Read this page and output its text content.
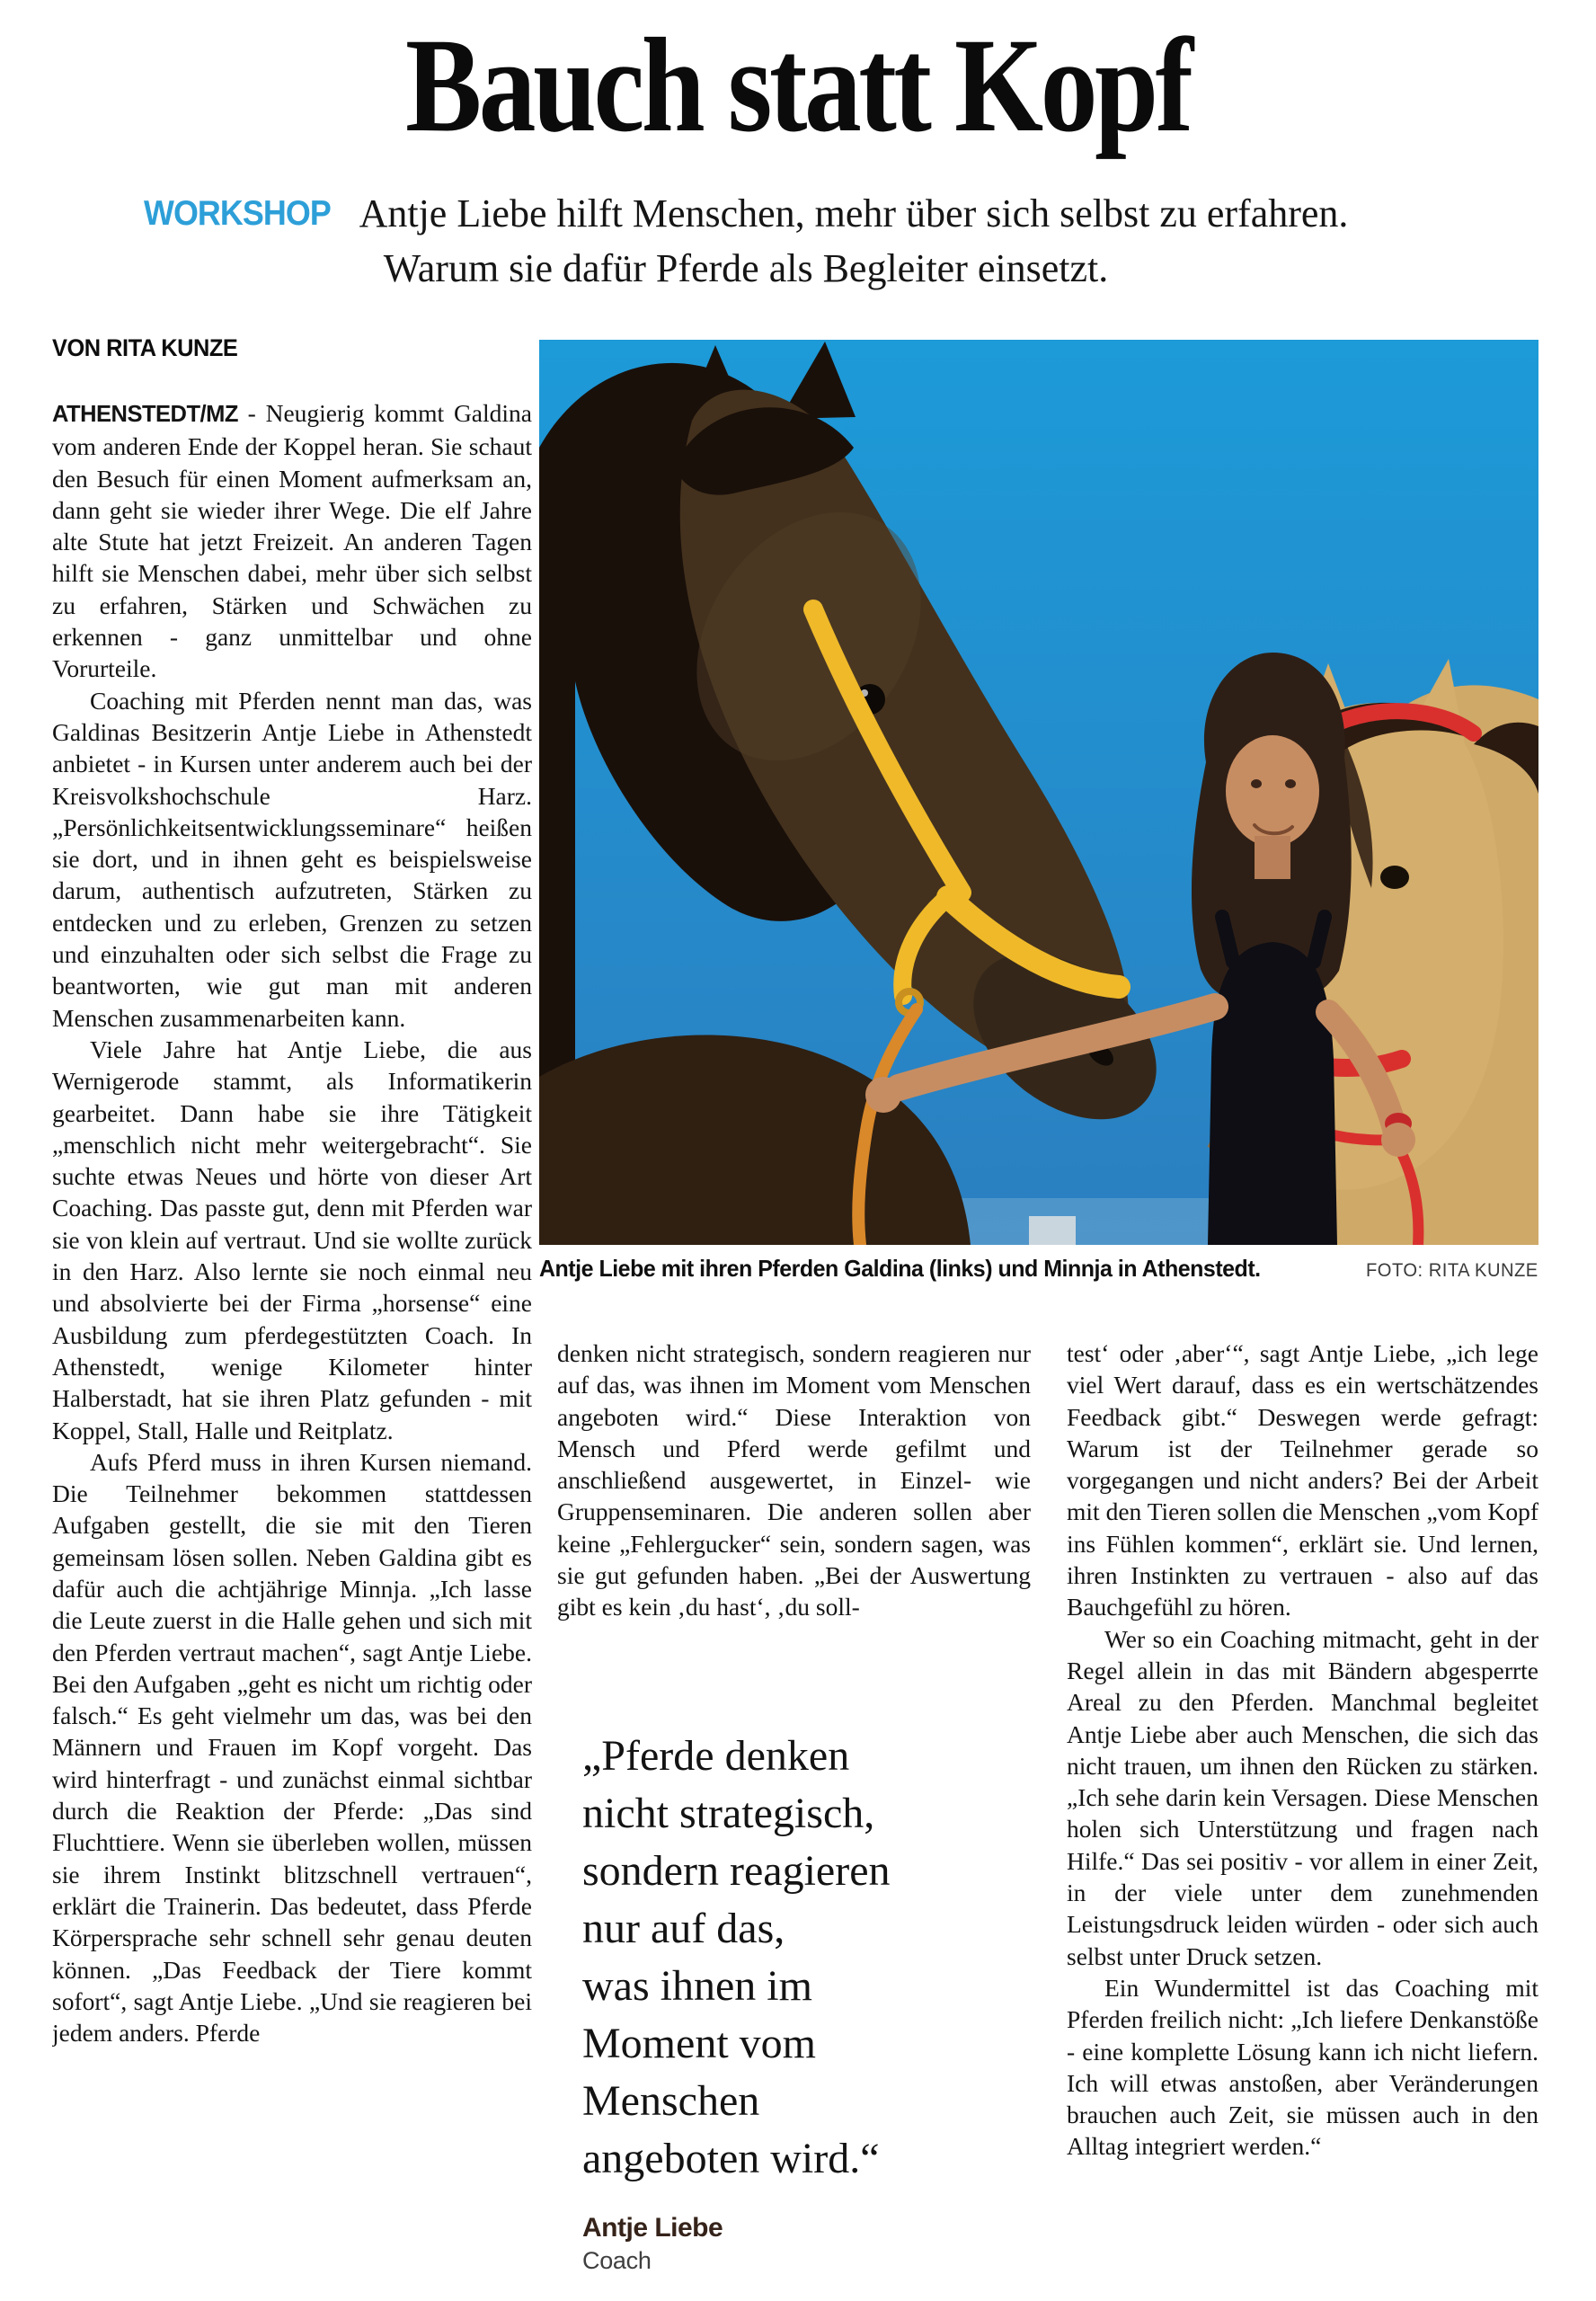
Bauch statt Kopf
WORKSHOP Antje Liebe hilft Menschen, mehr über sich selbst zu erfahren. Warum sie dafür Pferde als Begleiter einsetzt.
VON RITA KUNZE

ATHENSTEDT/MZ - Neugierig kommt Galdina vom anderen Ende der Koppel heran. Sie schaut den Besuch für einen Moment aufmerksam an, dann geht sie wieder ihrer Wege. Die elf Jahre alte Stute hat jetzt Freizeit. An anderen Tagen hilft sie Menschen dabei, mehr über sich selbst zu erfahren, Stärken und Schwächen zu erkennen - ganz unmittelbar und ohne Vorurteile.

Coaching mit Pferden nennt man das, was Galdinas Besitzerin Antje Liebe in Athenstedt anbietet - in Kursen unter anderem auch bei der Kreisvolkshochschule Harz. „Persönlichkeitsentwicklungsseminare“ heißen sie dort, und in ihnen geht es beispielsweise darum, authentisch aufzutreten, Stärken zu entdecken und zu erleben, Grenzen zu setzen und einzuhalten oder sich selbst die Frage zu beantworten, wie gut man mit anderen Menschen zusammenarbeiten kann.

Viele Jahre hat Antje Liebe, die aus Wernigerode stammt, als Informatikerin gearbeitet. Dann habe sie ihre Tätigkeit „menschlich nicht mehr weitergebracht“. Sie suchte etwas Neues und hörte von dieser Art Coaching. Das passte gut, denn mit Pferden war sie von klein auf vertraut. Und sie wollte zurück in den Harz. Also lernte sie noch einmal neu und absolvierte bei der Firma „horsense“ eine Ausbildung zum pferdegestützten Coach. In Athenstedt, wenige Kilometer hinter Halberstadt, hat sie ihren Platz gefunden - mit Koppel, Stall, Halle und Reitplatz.

Aufs Pferd muss in ihren Kursen niemand. Die Teilnehmer bekommen stattdessen Aufgaben gestellt, die sie mit den Tieren gemeinsam lösen sollen. Neben Galdina gibt es dafür auch die achtjährige Minnja. „Ich lasse die Leute zuerst in die Halle gehen und sich mit den Pferden vertraut machen“, sagt Antje Liebe. Bei den Aufgaben „geht es nicht um richtig oder falsch.“ Es geht vielmehr um das, was bei den Männern und Frauen im Kopf vorgeht. Das wird hinterfragt - und zunächst einmal sichtbar durch die Reaktion der Pferde: „Das sind Fluchttiere. Wenn sie überleben wollen, müssen sie ihrem Instinkt blitzschnell vertrauen“, erklärt die Trainerin. Das bedeutet, dass Pferde Körpersprache sehr schnell sehr genau deuten können. „Das Feedback der Tiere kommt sofort“, sagt Antje Liebe. „Und sie reagieren bei jedem anders. Pferde

Antje Liebe mit ihren Pferden Galdina (links) und Minnja in Athenstedt.	FOTO: RITA KUNZE

denken nicht strategisch, sondern reagieren nur auf das, was ihnen im Moment vom Menschen angeboten wird.“ Diese Interaktion von Mensch und Pferd werde gefilmt und anschließend ausgewertet, in Einzel- wie Gruppenseminaren. Die anderen sollen aber keine „Fehlergucker“ sein, sondern sagen, was sie gut gefunden haben. „Bei der Auswertung gibt es kein ‚du hast‘, ‚du soll-

test‘ oder ‚aber‘“, sagt Antje Liebe, „ich lege viel Wert darauf, dass es ein wertschätzendes Feedback gibt.“ Deswegen werde gefragt: Warum ist der Teilnehmer gerade so vorgegangen und nicht anders? Bei der Arbeit mit den Tieren sollen die Menschen „vom Kopf ins Fühlen kommen“, erklärt sie. Und lernen, ihren Instinkten zu vertrauen - also auf das Bauchgefühl zu hören.

Wer so ein Coaching mitmacht, geht in der Regel allein in das mit Bändern abgesperrte Areal zu den Pferden. Manchmal begleitet Antje Liebe aber auch Menschen, die sich das nicht trauen, um ihnen den Rücken zu stärken. „Ich sehe darin kein Versagen. Diese Menschen holen sich Unterstützung und fragen nach Hilfe.“ Das sei positiv - vor allem in einer Zeit, in der viele unter dem zunehmenden Leistungsdruck leiden würden - oder sich auch selbst unter Druck setzen.

Ein Wundermittel ist das Coaching mit Pferden freilich nicht: „Ich liefere Denkanstöße - eine komplette Lösung kann ich nicht liefern. Ich will etwas anstoßen, aber Veränderungen brauchen auch Zeit, sie müssen auch in den Alltag integriert werden.“

„Pferde denken

nicht strategisch,

sondern reagieren

nur auf das,

was ihnen im

Moment vom

Menschen

angeboten wird.“

Antje Liebe
Coach
